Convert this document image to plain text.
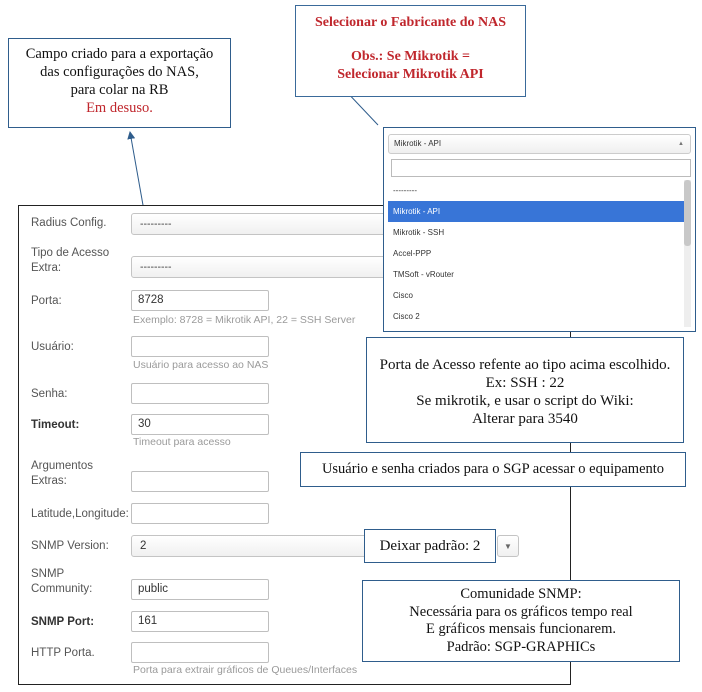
Campo criado para a exportação
das configurações do NAS,
para colar na RB
Em desuso.
Selecionar o Fabricante do NAS
Obs.: Se Mikrotik =
Selecionar Mikrotik API
Radius Config.	---------
Tipo de Acesso
Extra:	---------
Porta:	8728
Exemplo: 8728 = Mikrotik API, 22 = SSH Server
Usuário:
Usuário para acesso ao NAS
Senha:
Timeout:	30
Timeout para acesso
Argumentos
Extras:
Latitude,Longitude:
SNMP Version:	2	▼
SNMP
Community:	public
SNMP Port:	161
HTTP Porta.
Porta para extrair gráficos de Queues/Interfaces
Mikrotik - API	▲
---------
Mikrotik - API
Mikrotik - SSH
Accel-PPP
TMSoft - vRouter
Cisco
Cisco 2
Porta de Acesso refente ao tipo acima escolhido.
Ex: SSH : 22
Se mikrotik, e usar o script do Wiki:
Alterar para 3540
Usuário e senha criados para o SGP acessar o equipamento
Deixar padrão: 2
Comunidade SNMP:
Necessária para os gráficos tempo real
E gráficos mensais funcionarem.
Padrão: SGP-GRAPHICs
